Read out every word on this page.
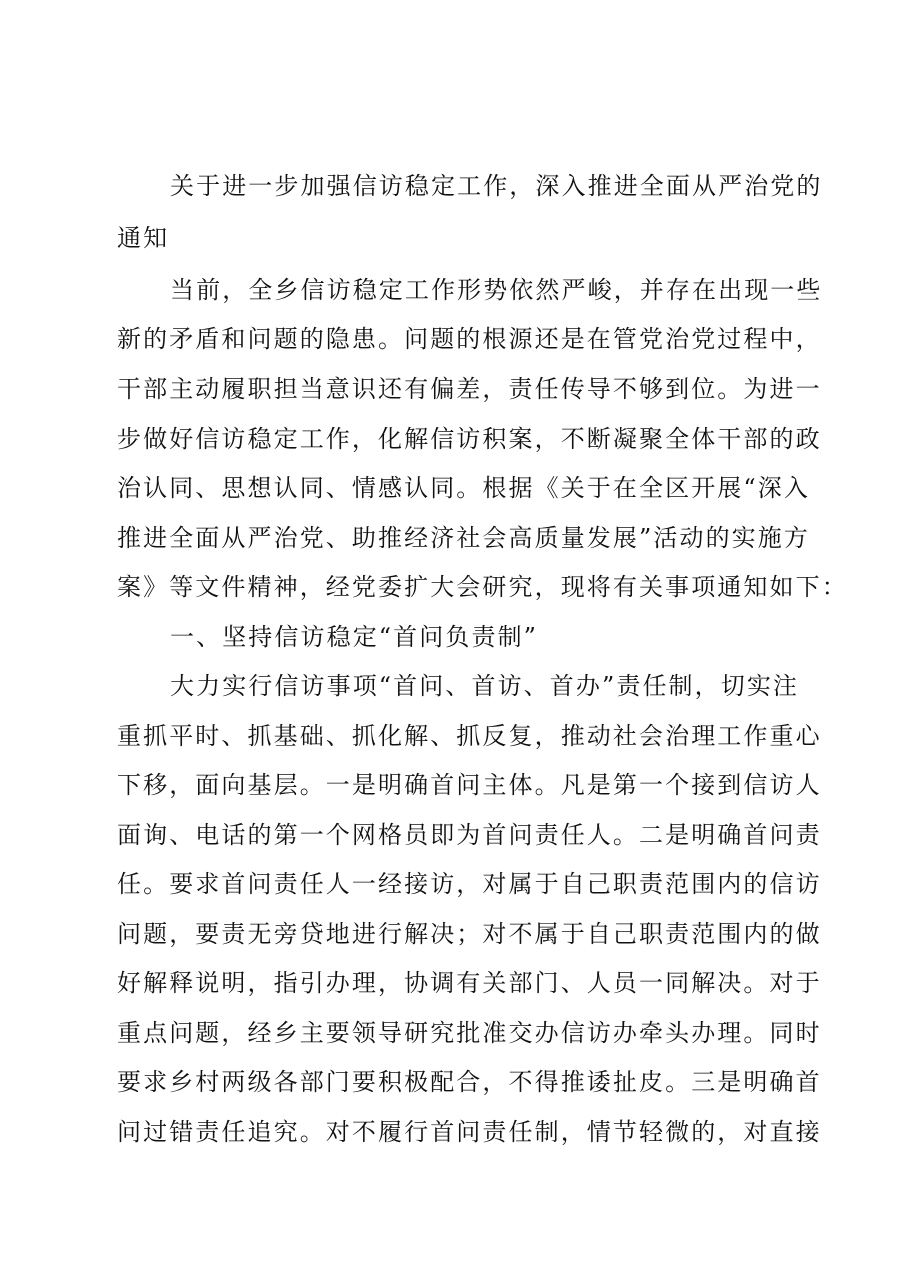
关于进一步加强信访稳定工作，深入推进全面从严治党的
通知
当前，全乡信访稳定工作形势依然严峻，并存在出现一些
新的矛盾和问题的隐患。问题的根源还是在管党治党过程中，
干部主动履职担当意识还有偏差，责任传导不够到位。为进一
步做好信访稳定工作，化解信访积案，不断凝聚全体干部的政
治认同、思想认同、情感认同。根据《关于在全区开展“深入
推进全面从严治党、助推经济社会高质量发展”活动的实施方
案》等文件精神，经党委扩大会研究，现将有关事项通知如下：
一、坚持信访稳定“首问负责制”
大力实行信访事项“首问、首访、首办”责任制，切实注
重抓平时、抓基础、抓化解、抓反复，推动社会治理工作重心
下移，面向基层。一是明确首问主体。凡是第一个接到信访人
面询、电话的第一个网格员即为首问责任人。二是明确首问责
任。要求首问责任人一经接访，对属于自己职责范围内的信访
问题，要责无旁贷地进行解决；对不属于自己职责范围内的做
好解释说明，指引办理，协调有关部门、人员一同解决。对于
重点问题，经乡主要领导研究批准交办信访办牵头办理。同时
要求乡村两级各部门要积极配合，不得推诿扯皮。三是明确首
问过错责任追究。对不履行首问责任制，情节轻微的，对直接
